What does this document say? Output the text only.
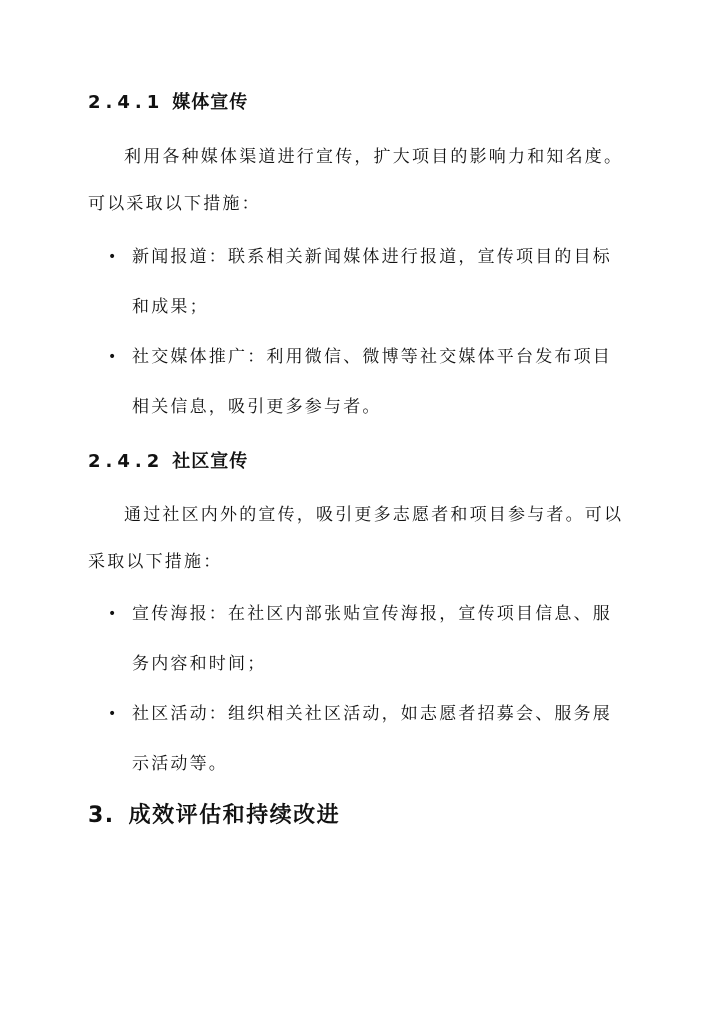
2.4.1 媒体宣传

利用各种媒体渠道进行宣传，扩大项目的影响力和知名度。可以采取以下措施：

• 新闻报道：联系相关新闻媒体进行报道，宣传项目的目标和成果；
• 社交媒体推广：利用微信、微博等社交媒体平台发布项目相关信息，吸引更多参与者。
2.4.2 社区宣传

通过社区内外的宣传，吸引更多志愿者和项目参与者。可以采取以下措施：

• 宣传海报：在社区内部张贴宣传海报，宣传项目信息、服务内容和时间；
• 社区活动：组织相关社区活动，如志愿者招募会、服务展示活动等。
3. 成效评估和持续改进
